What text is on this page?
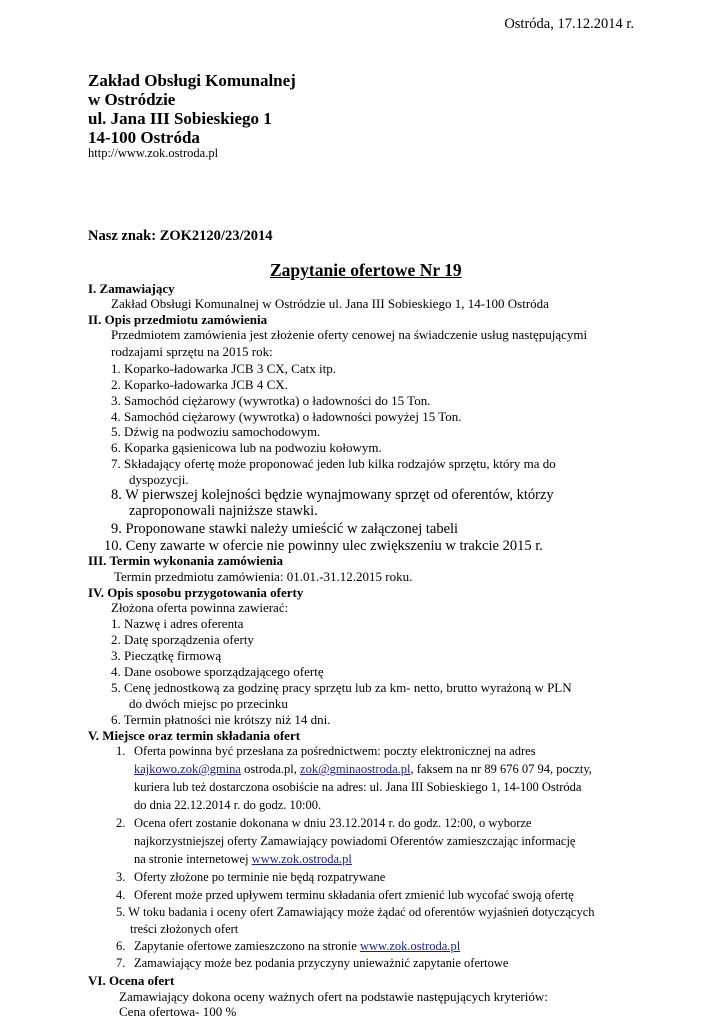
Ostróda, 17.12.2014 r.
Zakład Obsługi Komunalnej
w Ostródzie
ul. Jana III Sobieskiego 1
14-100 Ostróda
http://www.zok.ostroda.pl
Nasz znak: ZOK2120/23/2014
Zapytanie ofertowe Nr 19
I. Zamawiający
Zakład Obsługi Komunalnej w Ostródzie ul. Jana III Sobieskiego 1, 14-100 Ostróda
II. Opis przedmiotu zamówienia
Przedmiotem zamówienia jest złożenie oferty cenowej na świadczenie usług następującymi
rodzajami sprzętu na 2015 rok:
1. Koparko-ładowarka JCB 3 CX, Catx itp.
2. Koparko-ładowarka JCB 4 CX.
3. Samochód ciężarowy (wywrotka) o ładowności do 15 Ton.
4. Samochód ciężarowy (wywrotka) o ładowności powyżej 15 Ton.
5. Dźwig na podwoziu samochodowym.
6. Koparka gąsienicowa lub na podwoziu kołowym.
7. Składający ofertę może proponować jeden lub kilka rodzajów sprzętu, który ma do
dyspozycji.
8. W pierwszej kolejności będzie wynajmowany sprzęt od oferentów, którzy
zaproponowali najniższe stawki.
9. Proponowane stawki należy umieścić w załączonej tabeli
10. Ceny zawarte w ofercie nie powinny ulec zwiększeniu w trakcie 2015 r.
III. Termin wykonania zamówienia
Termin przedmiotu zamówienia: 01.01.-31.12.2015 roku.
IV. Opis sposobu przygotowania oferty
Złożona oferta powinna zawierać:
1. Nazwę i adres oferenta
2. Datę sporządzenia oferty
3. Pieczątkę firmową
4. Dane osobowe sporządzającego ofertę
5. Cenę jednostkową za godzinę pracy sprzętu lub za km- netto, brutto wyrażoną w PLN
do dwóch miejsc po przecinku
6. Termin płatności nie krótszy niż 14 dni.
V. Miejsce oraz termin składania ofert
1. Oferta powinna być przesłana za pośrednictwem: poczty elektronicznej na adres
kajkowo.zok@gmina ostroda.pl, zok@gminaostroda.pl, faksem na nr 89 676 07 94, poczty,
kuriera lub też dostarczona osobiście na adres: ul. Jana III Sobieskiego 1, 14-100 Ostróda
do dnia 22.12.2014 r. do godz. 10:00.
2. Ocena ofert zostanie dokonana w dniu 23.12.2014 r. do godz. 12:00, o wyborze
najkorzystniejszej oferty Zamawiający powiadomi Oferentów zamieszczając informację
na stronie internetowej www.zok.ostroda.pl
3. Oferty złożone po terminie nie będą rozpatrywane
4. Oferent może przed upływem terminu składania ofert zmienić lub wycofać swoją ofertę
5. W toku badania i oceny ofert Zamawiający może żądać od oferentów wyjaśnień dotyczących
treści złożonych ofert
6. Zapytanie ofertowe zamieszczono na stronie www.zok.ostroda.pl
7. Zamawiający może bez podania przyczyny unieważnić zapytanie ofertowe
VI. Ocena ofert
Zamawiający dokona oceny ważnych ofert na podstawie następujących kryteriów:
Cena ofertowa- 100 %
